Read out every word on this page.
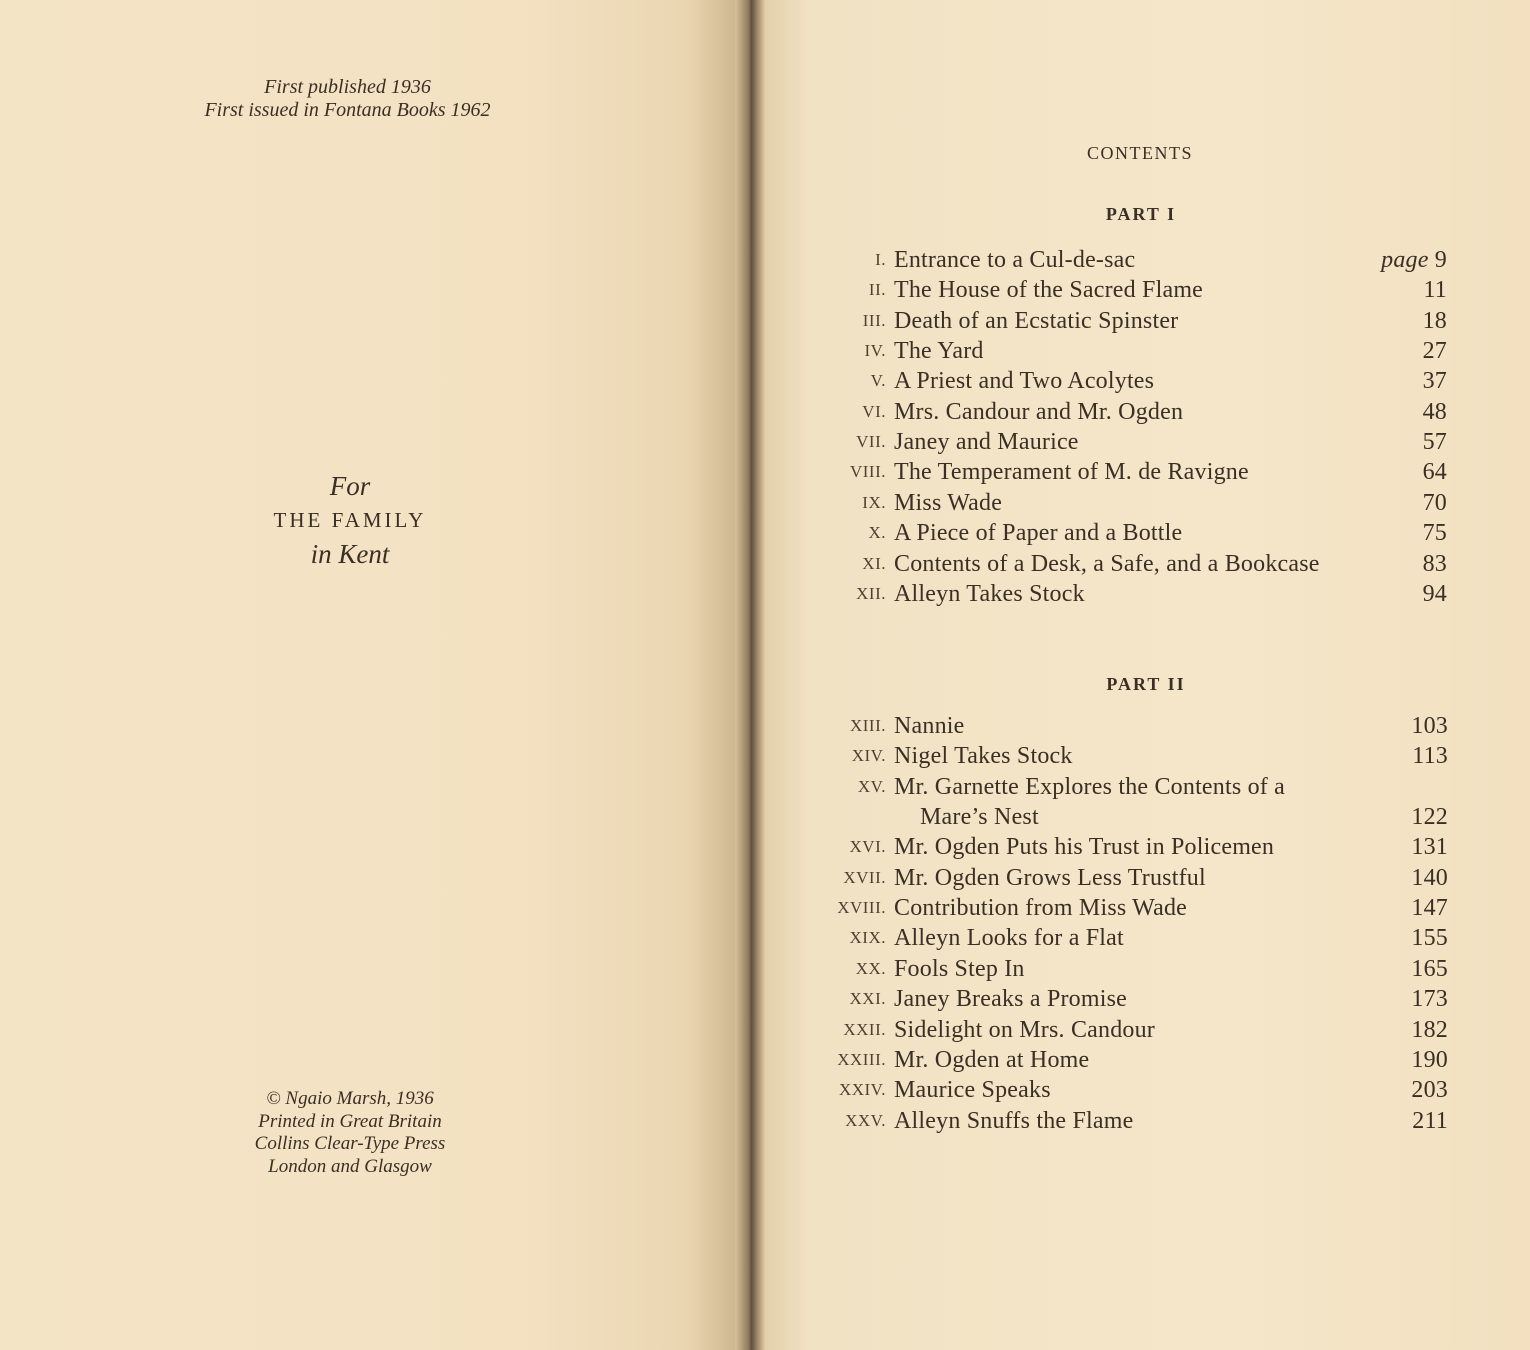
First published 1936
First issued in Fontana Books 1962
For
THE FAMILY
in Kent
© Ngaio Marsh, 1936
Printed in Great Britain
Collins Clear-Type Press
London and Glasgow
CONTENTS
PART I
PART II
I. Entrance to a Cul-de-sac	page 9
II. The House of the Sacred Flame	11
III. Death of an Ecstatic Spinster	18
IV. The Yard	27
V. A Priest and Two Acolytes	37
VI. Mrs. Candour and Mr. Ogden	48
VII. Janey and Maurice	57
VIII. The Temperament of M. de Ravigne	64
IX. Miss Wade	70
X. A Piece of Paper and a Bottle	75
XI. Contents of a Desk, a Safe, and a Bookcase	83
XII. Alleyn Takes Stock	94
XIII. Nannie	103
XIV. Nigel Takes Stock	113
XV. Mr. Garnette Explores the Contents of a
Mare’s Nest	122
XVI. Mr. Ogden Puts his Trust in Policemen	131
XVII. Mr. Ogden Grows Less Trustful	140
XVIII. Contribution from Miss Wade	147
XIX. Alleyn Looks for a Flat	155
XX. Fools Step In	165
XXI. Janey Breaks a Promise	173
XXII. Sidelight on Mrs. Candour	182
XXIII. Mr. Ogden at Home	190
XXIV. Maurice Speaks	203
XXV. Alleyn Snuffs the Flame	211
